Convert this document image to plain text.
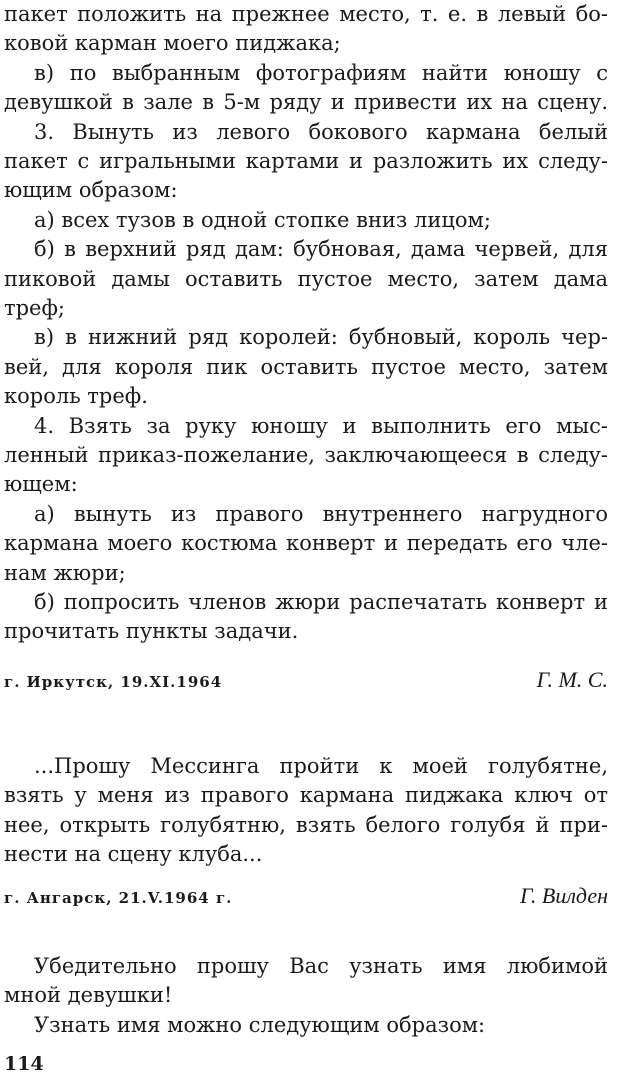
пакет положить на прежнее место, т. е. в левый бо-
ковой карман моего пиджака;
в) по выбранным фотографиям найти юношу с
девушкой в зале в 5-м ряду и привести их на сцену.
3. Вынуть из левого бокового кармана белый
пакет с игральными картами и разложить их следу-
ющим образом:
а) всех тузов в одной стопке вниз лицом;
б) в верхний ряд дам: бубновая, дама червей, для
пиковой дамы оставить пустое место, затем дама
треф;
в) в нижний ряд королей: бубновый, король чер-
вей, для короля пик оставить пустое место, затем
король треф.
4. Взять за руку юношу и выполнить его мыс-
ленный приказ-пожелание, заключающееся в следу-
ющем:
а) вынуть из правого внутреннего нагрудного
кармана моего костюма конверт и передать его чле-
нам жюри;
б) попросить членов жюри распечатать конверт и
прочитать пункты задачи.
г. Иркутск, 19.XI.1964	Г. М. С.
...Прошу Мессинга пройти к моей голубятне,
взять у меня из правого кармана пиджака ключ от
нее, открыть голубятню, взять белого голубя й при-
нести на сцену клуба...
г. Ангарск, 21.V.1964 г.	Г. Вилден
Убедительно прошу Вас узнать имя любимой
мной девушки!
Узнать имя можно следующим образом:
114
